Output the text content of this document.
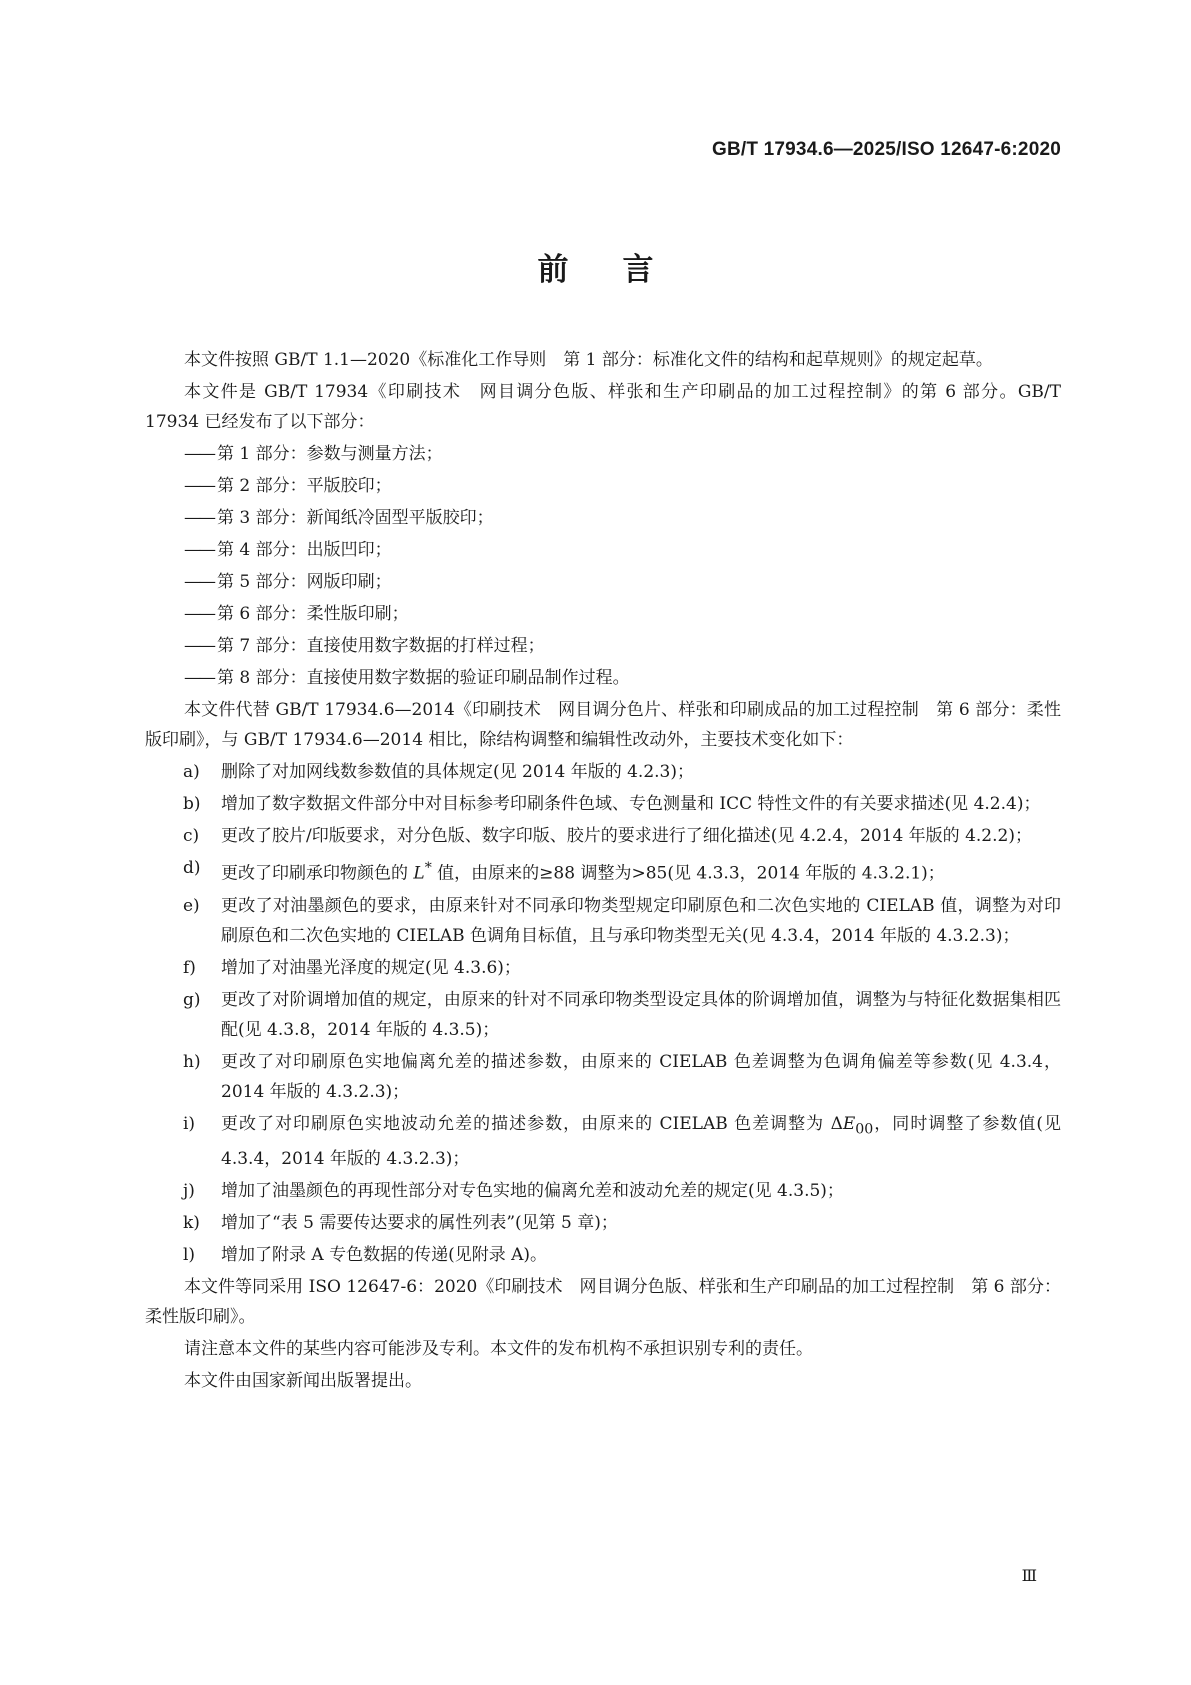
GB/T 17934.6—2025/ISO 12647-6:2020
前 言

本文件按照 GB/T 1.1—2020《标准化工作导则　第 1 部分：标准化文件的结构和起草规则》的规定起草。

本文件是 GB/T 17934《印刷技术　网目调分色版、样张和生产印刷品的加工过程控制》的第 6 部分。GB/T 17934 已经发布了以下部分：

—— 第 1 部分：参数与测量方法；
—— 第 2 部分：平版胶印；
—— 第 3 部分：新闻纸冷固型平版胶印；
—— 第 4 部分：出版凹印；
—— 第 5 部分：网版印刷；
—— 第 6 部分：柔性版印刷；
—— 第 7 部分：直接使用数字数据的打样过程；
—— 第 8 部分：直接使用数字数据的验证印刷品制作过程。

本文件代替 GB/T 17934.6—2014《印刷技术　网目调分色片、样张和印刷成品的加工过程控制　第 6 部分：柔性版印刷》，与 GB/T 17934.6—2014 相比，除结构调整和编辑性改动外，主要技术变化如下：

a)	删除了对加网线数参数值的具体规定(见 2014 年版的 4.2.3)；
b)	增加了数字数据文件部分中对目标参考印刷条件色域、专色测量和 ICC 特性文件的有关要求描述(见 4.2.4)；
c)	更改了胶片/印版要求，对分色版、数字印版、胶片的要求进行了细化描述(见 4.2.4，2014 年版的 4.2.2)；
d)	更改了印刷承印物颜色的 L* 值，由原来的≥88 调整为>85(见 4.3.3，2014 年版的 4.3.2.1)；
e)	更改了对油墨颜色的要求，由原来针对不同承印物类型规定印刷原色和二次色实地的 CIELAB 值，调整为对印刷原色和二次色实地的 CIELAB 色调角目标值，且与承印物类型无关(见 4.3.4，2014 年版的 4.3.2.3)；
f)	增加了对油墨光泽度的规定(见 4.3.6)；
g)	更改了对阶调增加值的规定，由原来的针对不同承印物类型设定具体的阶调增加值，调整为与特征化数据集相匹配(见 4.3.8，2014 年版的 4.3.5)；
h)	更改了对印刷原色实地偏离允差的描述参数，由原来的 CIELAB 色差调整为色调角偏差等参数(见 4.3.4，2014 年版的 4.3.2.3)；
i)	更改了对印刷原色实地波动允差的描述参数，由原来的 CIELAB 色差调整为 $\Delta E_{00}$，同时调整了参数值(见 4.3.4，2014 年版的 4.3.2.3)；
j)	增加了油墨颜色的再现性部分对专色实地的偏离允差和波动允差的规定(见 4.3.5)；
k)	增加了“表 5 需要传达要求的属性列表”(见第 5 章)；
l)	增加了附录 A 专色数据的传递(见附录 A)。

本文件等同采用 ISO 12647-6：2020《印刷技术　网目调分色版、样张和生产印刷品的加工过程控制　第 6 部分：柔性版印刷》。

请注意本文件的某些内容可能涉及专利。本文件的发布机构不承担识别专利的责任。

本文件由国家新闻出版署提出。

Ⅲ
